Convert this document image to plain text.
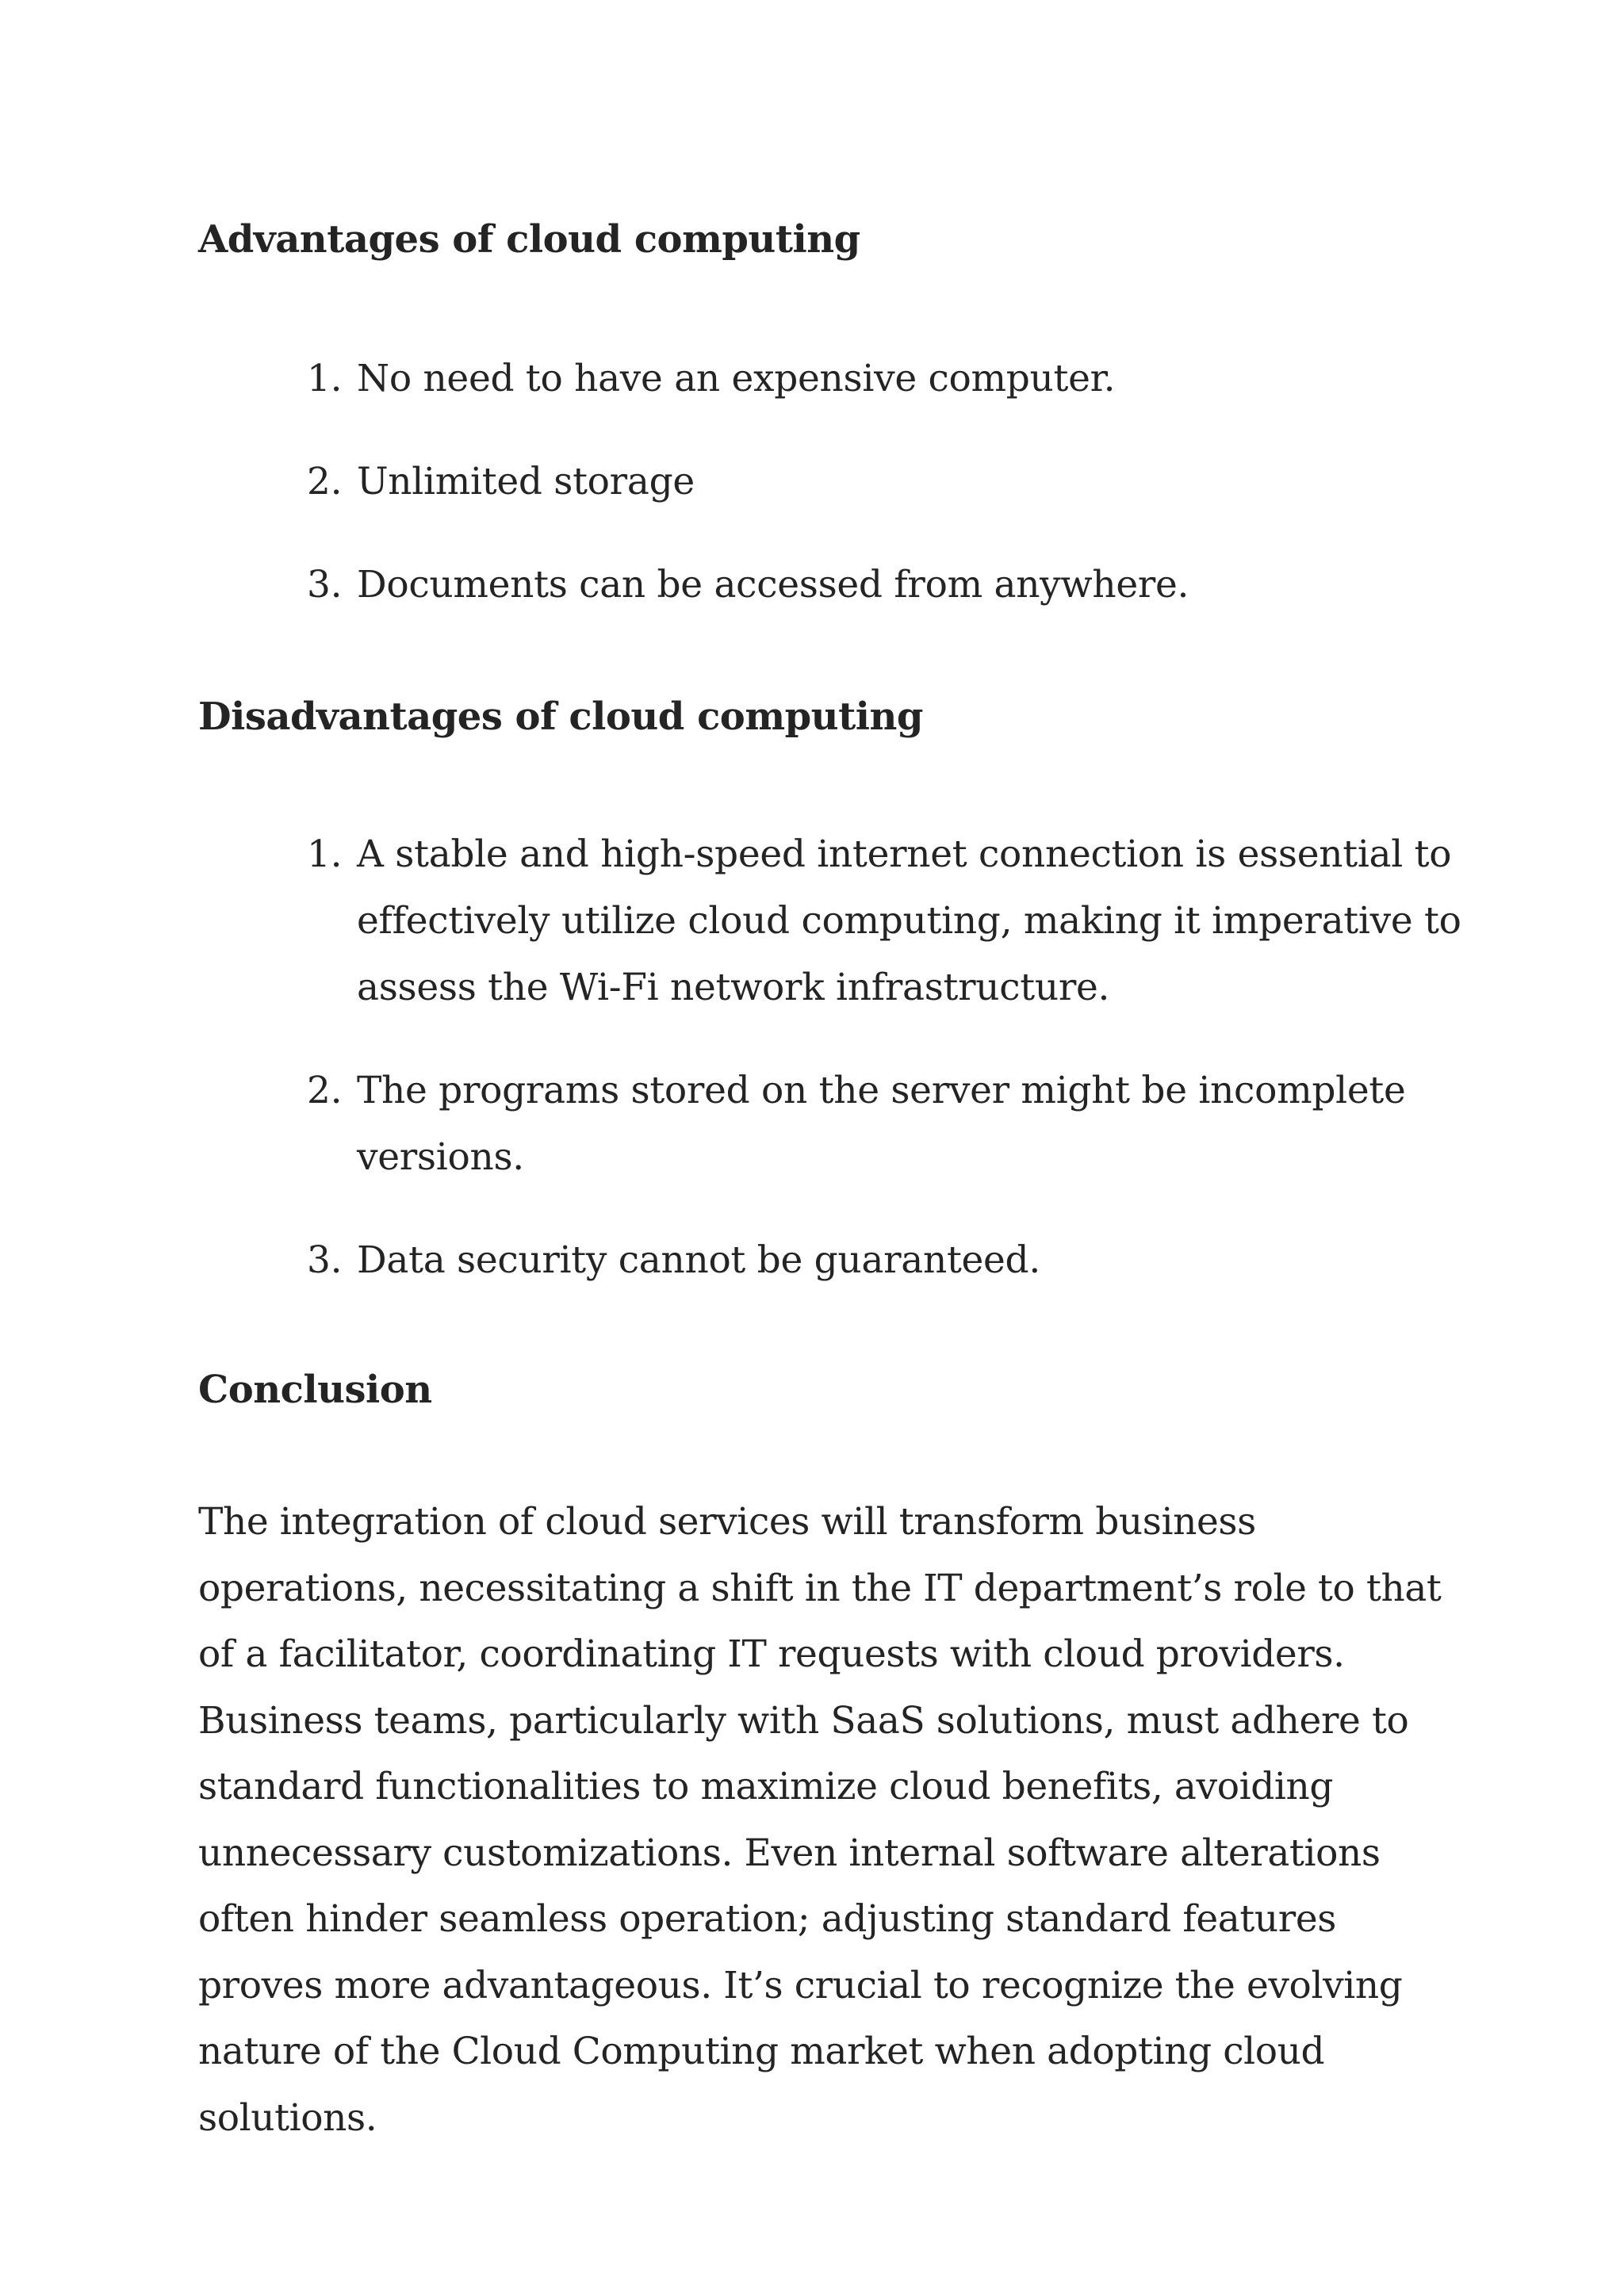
Advantages of cloud computing
1. No need to have an expensive computer.
2. Unlimited storage
3. Documents can be accessed from anywhere.
Disadvantages of cloud computing
1. A stable and high-speed internet connection is essential to effectively utilize cloud computing, making it imperative to assess the Wi-Fi network infrastructure.
2. The programs stored on the server might be incomplete versions.
3. Data security cannot be guaranteed.
Conclusion

The integration of cloud services will transform business operations, necessitating a shift in the IT department’s role to that of a facilitator, coordinating IT requests with cloud providers. Business teams, particularly with SaaS solutions, must adhere to standard functionalities to maximize cloud benefits, avoiding unnecessary customizations. Even internal software alterations often hinder seamless operation; adjusting standard features proves more advantageous. It’s crucial to recognize the evolving nature of the Cloud Computing market when adopting cloud solutions.
